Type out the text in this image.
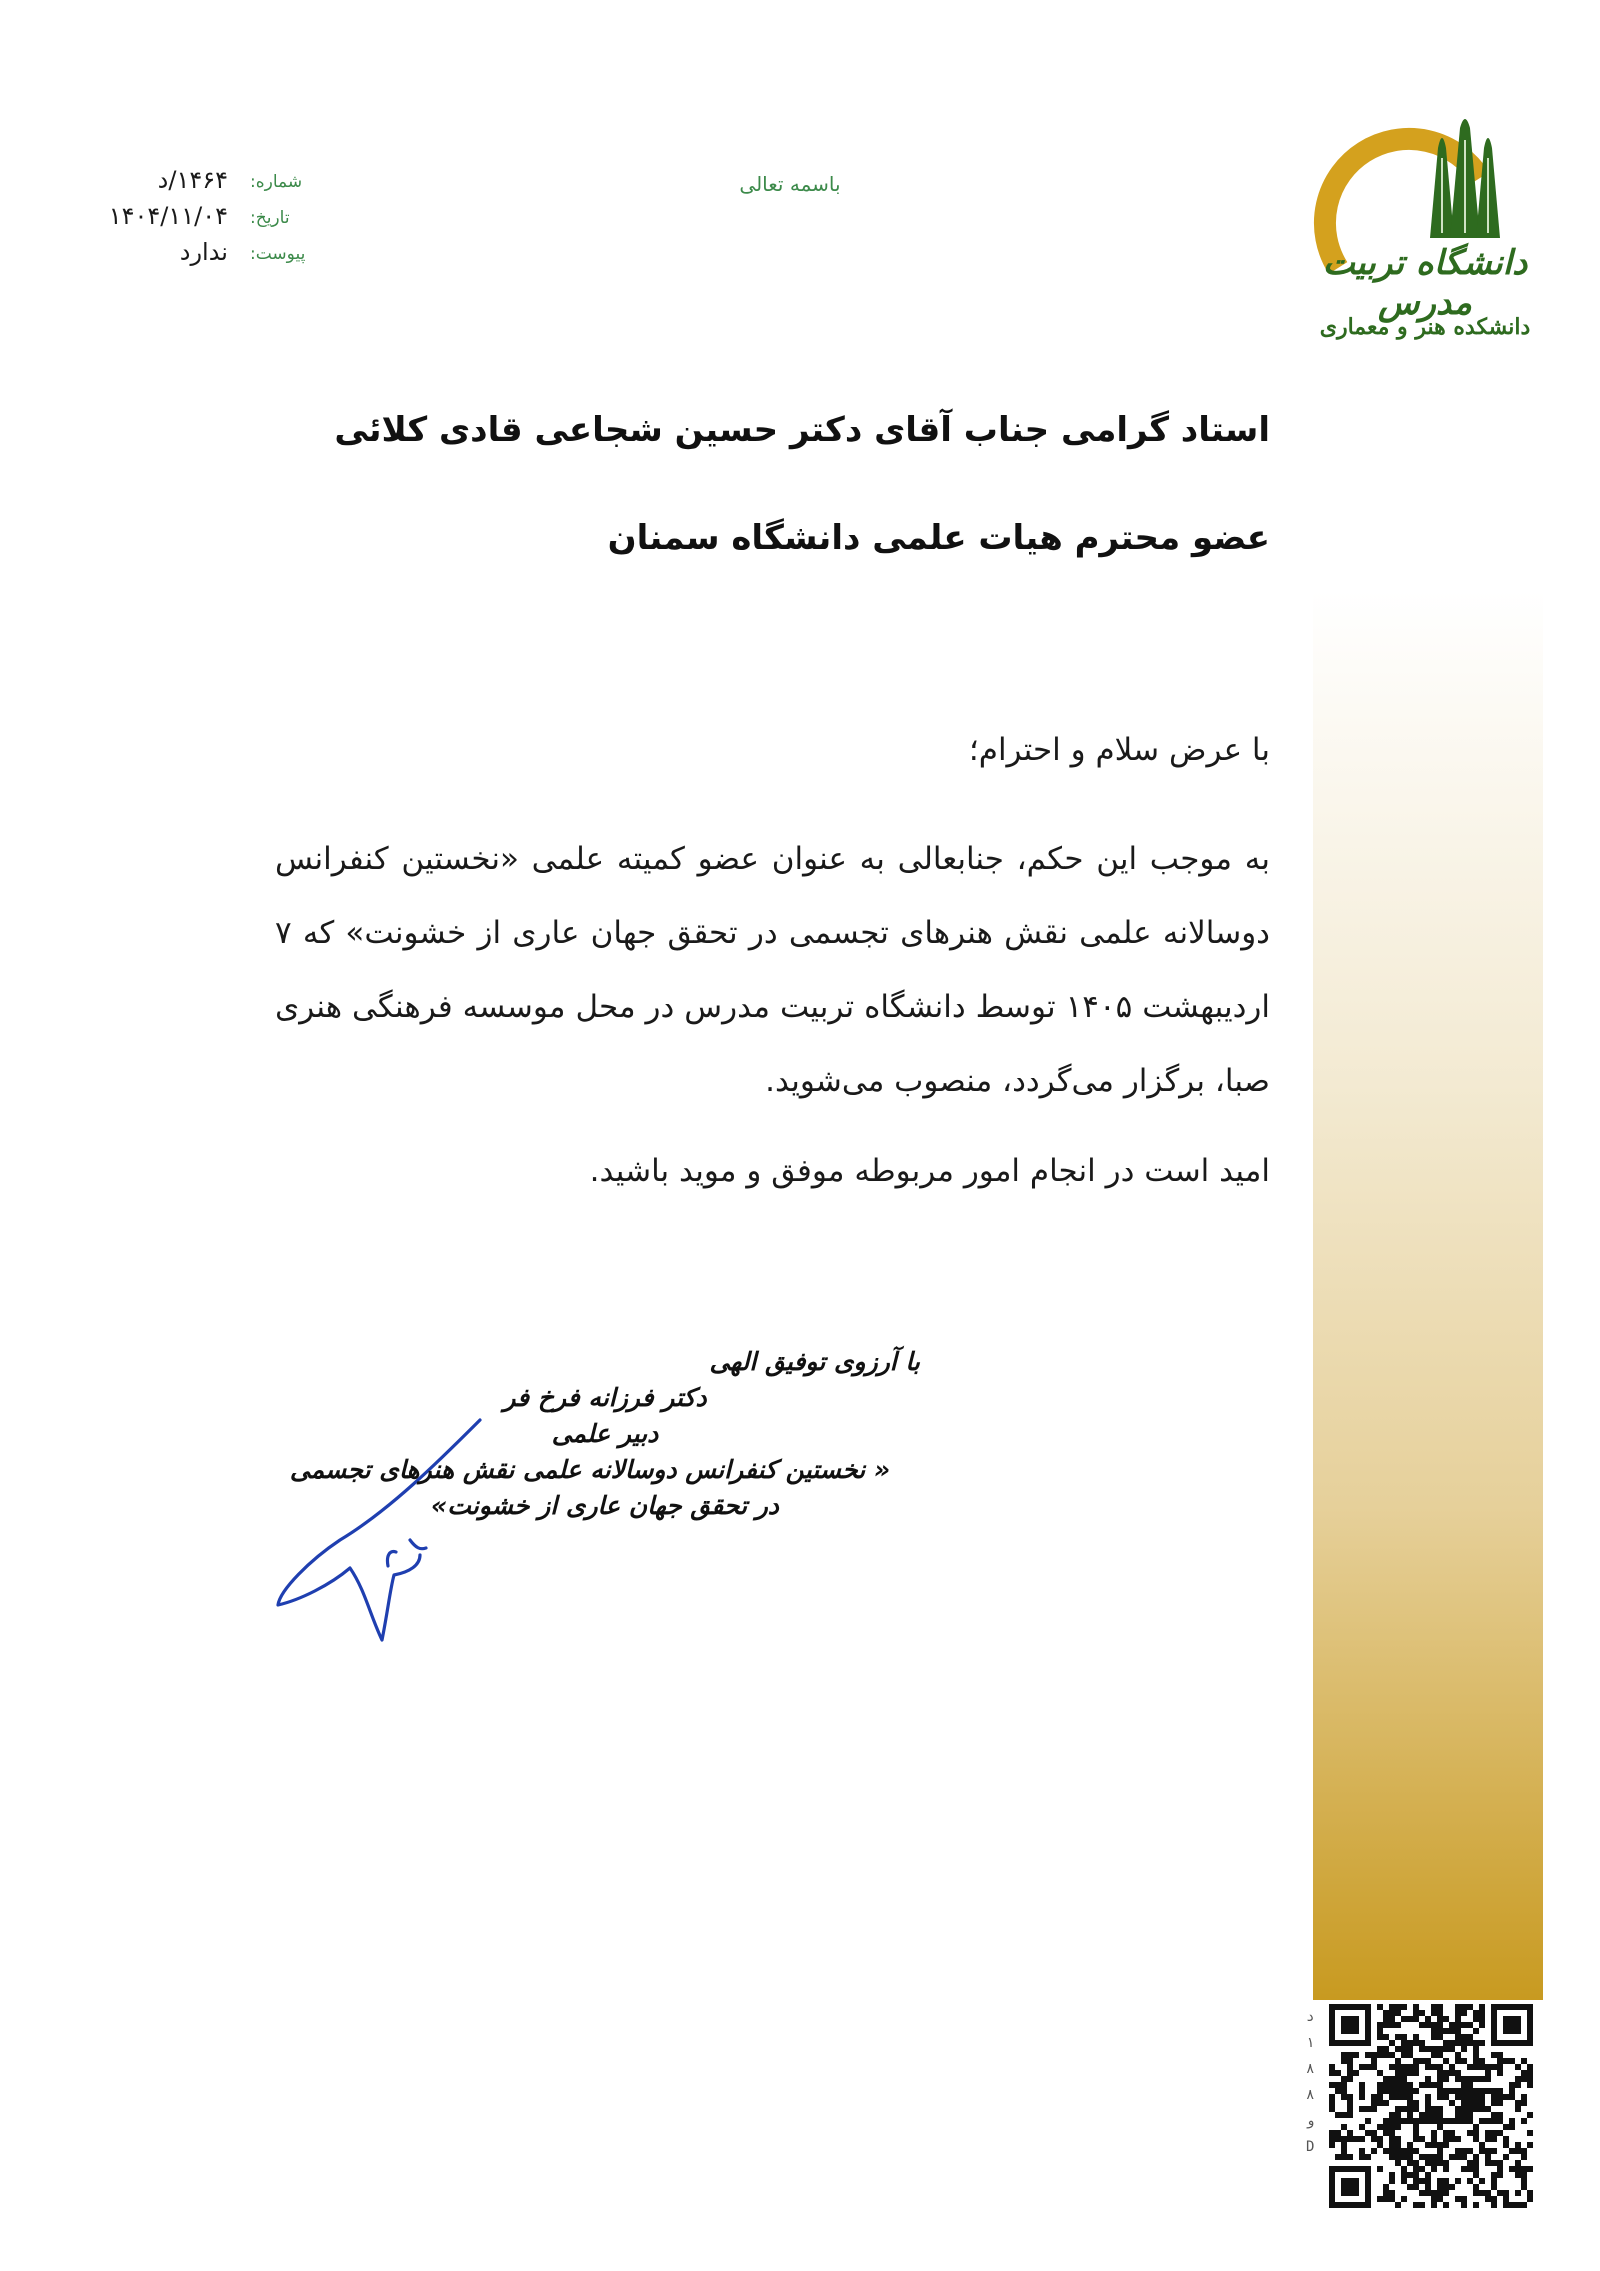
دانشگاه تربیت مدرس
دانشکده هنر و معماری
شماره:
۱۴۶۴/د
تاریخ:
۱۴۰۴/۱۱/۰۴
پیوست:
ندارد
باسمه تعالی
استاد گرامی جناب آقای دکتر حسین شجاعی قادی کلائی
عضو محترم هیات علمی دانشگاه سمنان
با عرض سلام و احترام؛
به موجب این حکم، جنابعالی به عنوان عضو کمیته علمی «نخستین کنفرانس دوسالانه علمی نقش هنرهای تجسمی در تحقق جهان عاری از خشونت» که ۷ اردیبهشت ۱۴۰۵ توسط دانشگاه تربیت مدرس در محل موسسه فرهنگی هنری صبا، برگزار می‌گردد، منصوب می‌شوید.
امید است در انجام امور مربوطه موفق و موید باشید.
با آرزوی توفیق الهی
دکتر فرزانه فرخ فر
دبیر علمی
« نخستین کنفرانس دوسالانه علمی نقش هنرهای تجسمی
در تحقق جهان عاری از خشونت»
د
۱
۸
۸
ﻭ
D
